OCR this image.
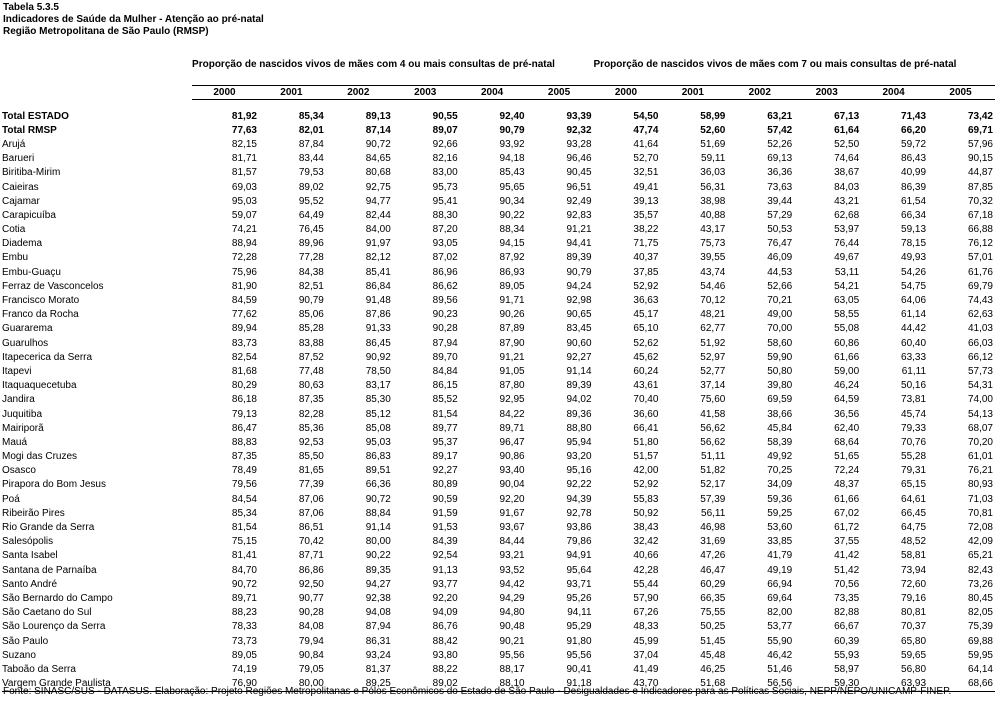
Tabela 5.3.5
Indicadores de Saúde da Mulher - Atenção ao pré-natal
Região Metropolitana de São Paulo (RMSP)
	Proporção de nascidos vivos de mães com 4 ou mais consultas de pré-natal						Proporção de nascidos vivos de mães com 7 ou mais consultas de pré-natal					

	2000	2001	2002	2003	2004	2005	2000	2001	2002	2003	2004	2005

Total ESTADO	81,92	85,34	89,13	90,55	92,40	93,39	54,50	58,99	63,21	67,13	71,43	73,42
Total RMSP	77,63	82,01	87,14	89,07	90,79	92,32	47,74	52,60	57,42	61,64	66,20	69,71
Arujá	82,15	87,84	90,72	92,66	93,92	93,28	41,64	51,69	52,26	52,50	59,72	57,96
Barueri	81,71	83,44	84,65	82,16	94,18	96,46	52,70	59,11	69,13	74,64	86,43	90,15
Biritiba-Mirim	81,57	79,53	80,68	83,00	85,43	90,45	32,51	36,03	36,36	38,67	40,99	44,87
Caieiras	69,03	89,02	92,75	95,73	95,65	96,51	49,41	56,31	73,63	84,03	86,39	87,85
Cajamar	95,03	95,52	94,77	95,41	90,34	92,49	39,13	38,98	39,44	43,21	61,54	70,32
Carapicuíba	59,07	64,49	82,44	88,30	90,22	92,83	35,57	40,88	57,29	62,68	66,34	67,18
Cotia	74,21	76,45	84,00	87,20	88,34	91,21	38,22	43,17	50,53	53,97	59,13	66,88
Diadema	88,94	89,96	91,97	93,05	94,15	94,41	71,75	75,73	76,47	76,44	78,15	76,12
Embu	72,28	77,28	82,12	87,02	87,92	89,39	40,37	39,55	46,09	49,67	49,93	57,01
Embu-Guaçu	75,96	84,38	85,41	86,96	86,93	90,79	37,85	43,74	44,53	53,11	54,26	61,76
Ferraz de Vasconcelos	81,90	82,51	86,84	86,62	89,05	94,24	52,92	54,46	52,66	54,21	54,75	69,79
Francisco Morato	84,59	90,79	91,48	89,56	91,71	92,98	36,63	70,12	70,21	63,05	64,06	74,43
Franco da Rocha	77,62	85,06	87,86	90,23	90,26	90,65	45,17	48,21	49,00	58,55	61,14	62,63
Guararema	89,94	85,28	91,33	90,28	87,89	83,45	65,10	62,77	70,00	55,08	44,42	41,03
Guarulhos	83,73	83,88	86,45	87,94	87,90	90,60	52,62	51,92	58,60	60,86	60,40	66,03
Itapecerica da Serra	82,54	87,52	90,92	89,70	91,21	92,27	45,62	52,97	59,90	61,66	63,33	66,12
Itapevi	81,68	77,48	78,50	84,84	91,05	91,14	60,24	52,77	50,80	59,00	61,11	57,73
Itaquaquecetuba	80,29	80,63	83,17	86,15	87,80	89,39	43,61	37,14	39,80	46,24	50,16	54,31
Jandira	86,18	87,35	85,30	85,52	92,95	94,02	70,40	75,60	69,59	64,59	73,81	74,00
Juquitiba	79,13	82,28	85,12	81,54	84,22	89,36	36,60	41,58	38,66	36,56	45,74	54,13
Mairiporã	86,47	85,36	85,08	89,77	89,71	88,80	66,41	56,62	45,84	62,40	79,33	68,07
Mauá	88,83	92,53	95,03	95,37	96,47	95,94	51,80	56,62	58,39	68,64	70,76	70,20
Mogi das Cruzes	87,35	85,50	86,83	89,17	90,86	93,20	51,57	51,11	49,92	51,65	55,28	61,01
Osasco	78,49	81,65	89,51	92,27	93,40	95,16	42,00	51,82	70,25	72,24	79,31	76,21
Pirapora do Bom Jesus	79,56	77,39	66,36	80,89	90,04	92,22	52,92	52,17	34,09	48,37	65,15	80,93
Poá	84,54	87,06	90,72	90,59	92,20	94,39	55,83	57,39	59,36	61,66	64,61	71,03
Ribeirão Pires	85,34	87,06	88,84	91,59	91,67	92,78	50,92	56,11	59,25	67,02	66,45	70,81
Rio Grande da Serra	81,54	86,51	91,14	91,53	93,67	93,86	38,43	46,98	53,60	61,72	64,75	72,08
Salesópolis	75,15	70,42	80,00	84,39	84,44	79,86	32,42	31,69	33,85	37,55	48,52	42,09
Santa Isabel	81,41	87,71	90,22	92,54	93,21	94,91	40,66	47,26	41,79	41,42	58,81	65,21
Santana de Parnaíba	84,70	86,86	89,35	91,13	93,52	95,64	42,28	46,47	49,19	51,42	73,94	82,43
Santo André	90,72	92,50	94,27	93,77	94,42	93,71	55,44	60,29	66,94	70,56	72,60	73,26
São Bernardo do Campo	89,71	90,77	92,38	92,20	94,29	95,26	57,90	66,35	69,64	73,35	79,16	80,45
São Caetano do Sul	88,23	90,28	94,08	94,09	94,80	94,11	67,26	75,55	82,00	82,88	80,81	82,05
São Lourenço da Serra	78,33	84,08	87,94	86,76	90,48	95,29	48,33	50,25	53,77	66,67	70,37	75,39
São Paulo	73,73	79,94	86,31	88,42	90,21	91,80	45,99	51,45	55,90	60,39	65,80	69,88
Suzano	89,05	90,84	93,24	93,80	95,56	95,56	37,04	45,48	46,42	55,93	59,65	59,95
Taboão da Serra	74,19	79,05	81,37	88,22	88,17	90,41	41,49	46,25	51,46	58,97	56,80	64,14
Vargem Grande Paulista	76,90	80,00	89,25	89,02	88,10	91,18	43,70	51,68	56,56	59,30	63,93	68,66
Fonte: SINASC/SUS - DATASUS. Elaboração: Projeto Regiões Metropolitanas e Pólos Econômicos do Estado de São Paulo - Desigualdades e Indicadores para as Políticas Sociais, NEPP/NEPO/UNICAMP-FINEP.
